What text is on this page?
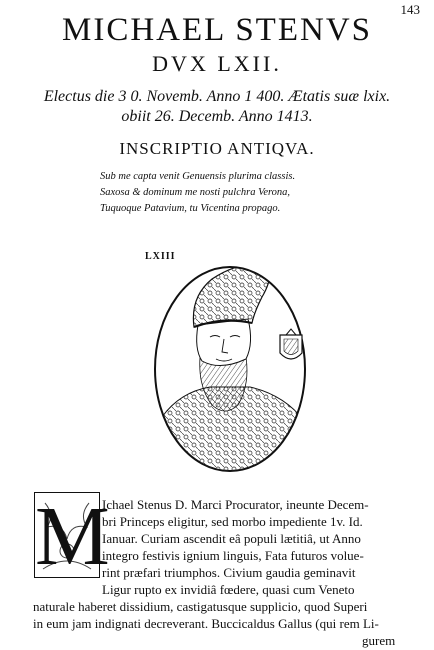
143
MICHAEL STENVS
DVX LXII.
Electus die 3 0. Novemb. Anno 1 400. Ætatis suæ lxix.
obiit 26. Decemb. Anno 1413.
INSCRIPTIO ANTIQVA.
Sub me capta venit Genuensis plurima classis.
Saxosa & dominum me nosti pulchra Verona,
Tuquoque Patavium, tu Vicentina propago.
LXIII
M
Ichael Stenus D. Marci Procurator, ineunte Decem-
bri Princeps eligitur, sed morbo impediente 1v. Id.
Ianuar. Curiam ascendit eâ populi lætitiâ, ut Anno
integro festivis ignium linguis, Fata futuros volue-
rint præfari triumphos. Civium gaudia geminavit
Ligur rupto ex invidiâ fœdere, quasi cum Veneto
naturale haberet dissidium, castigatusque supplicio, quod Superi
in eum jam indignati decreverant. Buccicaldus Gallus (qui rem Li-
gurem
